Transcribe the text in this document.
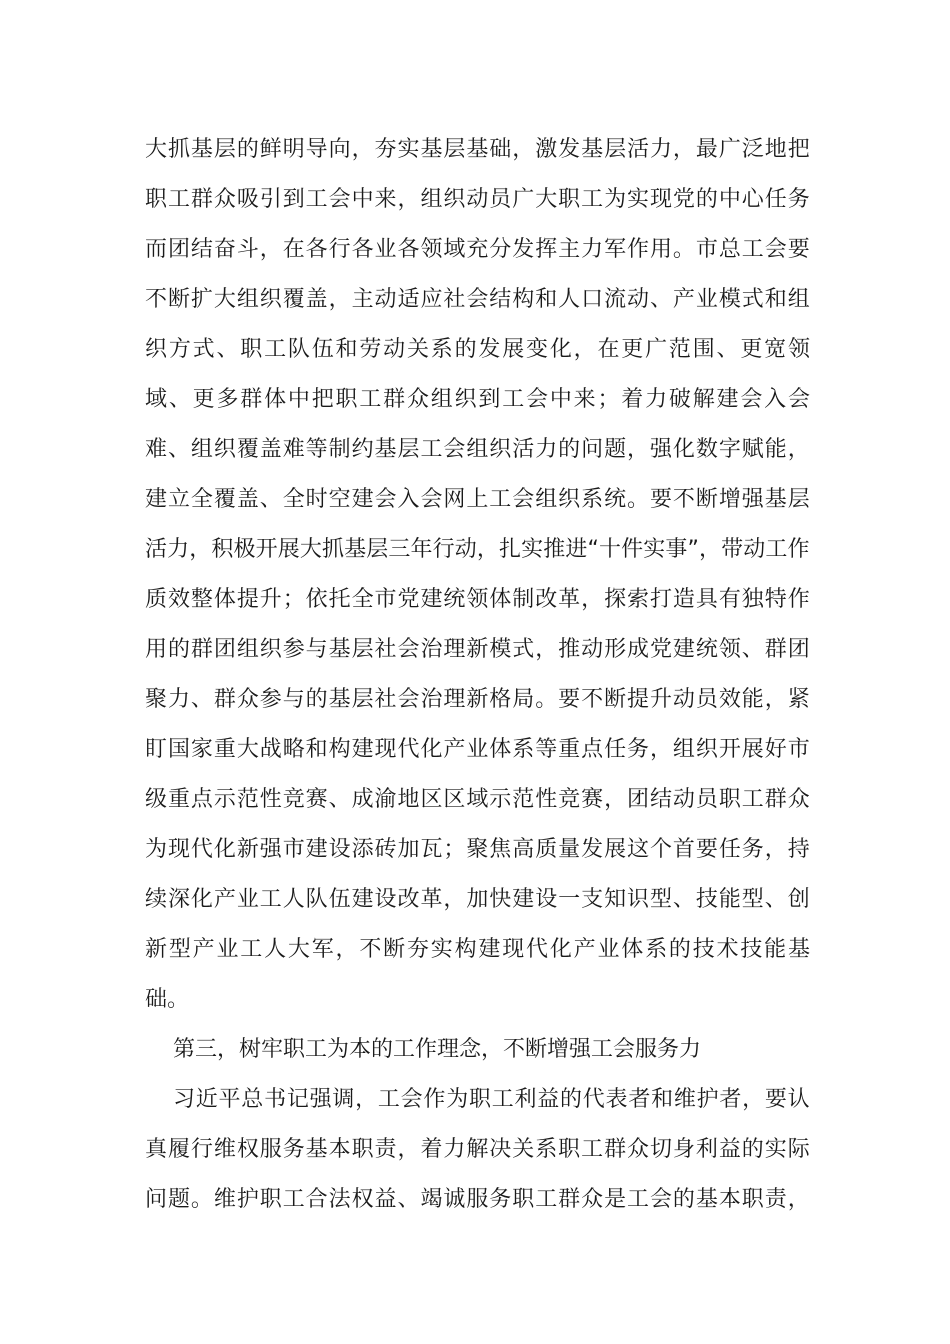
大 抓 基 层 的 鲜 明 导 向 ， 夯 实 基 层 基 础 ， 激 发 基 层 活 力 ， 最 广 泛 地 把
职 工 群 众 吸 引 到 工 会 中 来 ， 组 织 动 员 广 大 职 工 为 实 现 党 的 中 心 任 务
而 团 结 奋 斗 ， 在 各 行 各 业 各 领 域 充 分 发 挥 主 力 军 作 用 。 市 总 工 会 要
不 断 扩 大 组 织 覆 盖 ， 主 动 适 应 社 会 结 构 和 人 口 流 动 、 产 业 模 式 和 组
织 方 式 、 职 工 队 伍 和 劳 动 关 系 的 发 展 变 化 ， 在 更 广 范 围 、 更 宽 领
域 、 更 多 群 体 中 把 职 工 群 众 组 织 到 工 会 中 来 ； 着 力 破 解 建 会 入 会
难 、 组 织 覆 盖 难 等 制 约 基 层 工 会 组 织 活 力 的 问 题 ， 强 化 数 字 赋 能 ，
建 立 全 覆 盖 、 全 时 空 建 会 入 会 网 上 工 会 组 织 系 统 。 要 不 断 增 强 基 层
活 力 ， 积 极 开 展 大 抓 基 层 三 年 行 动 ， 扎 实 推 进 “ 十 件 实 事 ” ， 带 动 工 作
质 效 整 体 提 升 ； 依 托 全 市 党 建 统 领 体 制 改 革 ， 探 索 打 造 具 有 独 特 作
用 的 群 团 组 织 参 与 基 层 社 会 治 理 新 模 式 ， 推 动 形 成 党 建 统 领 、 群 团
聚 力 、 群 众 参 与 的 基 层 社 会 治 理 新 格 局 。 要 不 断 提 升 动 员 效 能 ， 紧
盯 国 家 重 大 战 略 和 构 建 现 代 化 产 业 体 系 等 重 点 任 务 ， 组 织 开 展 好 市
级 重 点 示 范 性 竞 赛 、 成 渝 地 区 区 域 示 范 性 竞 赛 ， 团 结 动 员 职 工 群 众
为 现 代 化 新 强 市 建 设 添 砖 加 瓦 ； 聚 焦 高 质 量 发 展 这 个 首 要 任 务 ， 持
续 深 化 产 业 工 人 队 伍 建 设 改 革 ， 加 快 建 设 一 支 知 识 型 、 技 能 型 、 创
新 型 产 业 工 人 大 军 ， 不 断 夯 实 构 建 现 代 化 产 业 体 系 的 技 术 技 能 基
础。
第三，树牢职工为本的工作理念，不断增强工会服务力
习 近 平 总 书 记 强 调 ， 工 会 作 为 职 工 利 益 的 代 表 者 和 维 护 者 ， 要 认
真 履 行 维 权 服 务 基 本 职 责 ， 着 力 解 决 关 系 职 工 群 众 切 身 利 益 的 实 际
问 题 。 维 护 职 工 合 法 权 益 、 竭 诚 服 务 职 工 群 众 是 工 会 的 基 本 职 责 ，
